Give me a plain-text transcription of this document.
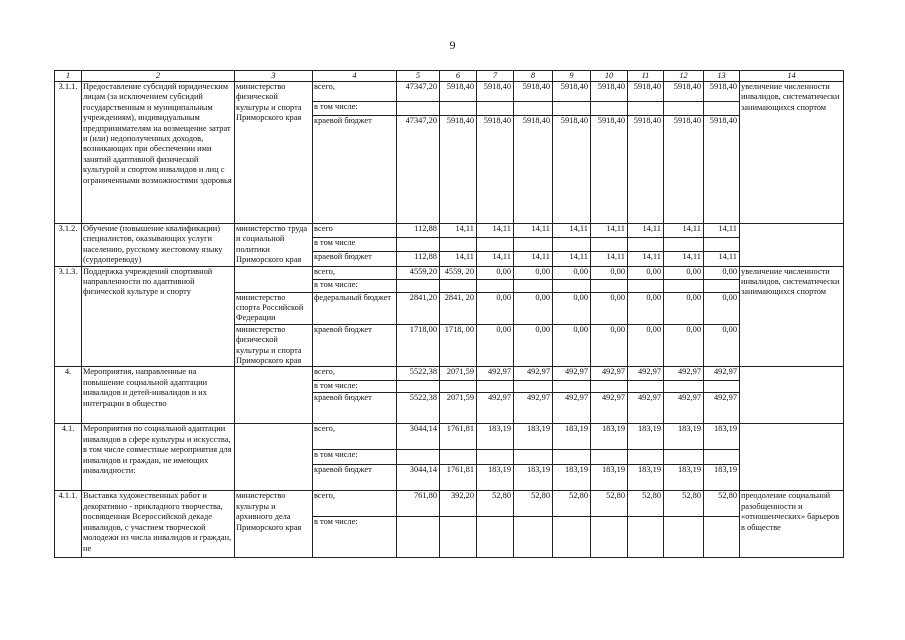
9
1	2	3	4	5	6	7	8	9	10	11	12	13	14
3.1.1.	Предоставление субсидий юридическим лицам (за исключением субсидий государственным и муниципальным учреждениям), индивидуальным предпринимателям на возмещение затрат и (или) недополученных доходов, возникающих при обеспечении ими занятий адаптивной физической культурой и спортом инвалидов и лиц с ограниченными возможностями здоровья	министерство физической культуры и спорта Приморского края	всего,	47347,20	5918,40	5918,40	5918,40	5918,40	5918,40	5918,40	5918,40	5918,40	увеличение численности инвалидов, систематически занимающихся спортом
			в том числе:										
			краевой бюджет	47347,20	5918,40	5918,40	5918,40	5918,40	5918,40	5918,40	5918,40	5918,40	
3.1.2.	Обучение (повышение квалификации) специалистов, оказывающих услуги населению, русскому жестовому языку (сурдопереводу)	министерство труда и социальной политики Приморского края	всего	112,88	14,11	14,11	14,11	14,11	14,11	14,11	14,11	14,11	
			в том числе										
			краевой бюджет	112,88	14,11	14,11	14,11	14,11	14,11	14,11	14,11	14,11	
3.1.3.	Поддержка учреждений спортивной направленности по адаптивной физической культуре и спорту		всего,	4559,20	4559, 20	0,00	0,00	0,00	0,00	0,00	0,00	0,00	увеличение численности инвалидов, систематически занимающихся спортом
			в том числе:										
		министерство спорта Российской Федерации	федеральный бюджет	2841,20	2841, 20	0,00	0,00	0,00	0,00	0,00	0,00	0,00	
		министерство физической культуры и спорта Приморского края	краевой бюджет	1718,00	1718, 00	0,00	0,00	0,00	0,00	0,00	0,00	0,00	
4.	Мероприятия, направленные на повышение социальной адаптации инвалидов и детей-инвалидов и их интеграции в общество		всего,	5522,38	2071,59	492,97	492,97	492,97	492,97	492,97	492,97	492,97	
			в том числе:										
			краевой бюджет	5522,38	2071,59	492,97	492,97	492,97	492,97	492,97	492,97	492,97	
4.1.	Мероприятия по социальной адаптации инвалидов в сфере культуры и искусства, в том числе совместные мероприятия для инвалидов и граждан, не имеющих инвалидности:		всего,	3044,14	1761,81	183,19	183,19	183,19	183,19	183,19	183,19	183,19	
			в том числе:										
			краевой бюджет	3044,14	1761,81	183,19	183,19	183,19	183,19	183,19	183,19	183,19	
4.1.1.	Выставка художественных работ и декоративно - прикладного творчества, посвященная Всероссийской декаде инвалидов, с участием творческой молодежи из числа инвалидов и граждан, не	министерство культуры и архивного дела Приморского края	всего,	761,80	392,20	52,80	52,80	52,80	52,80	52,80	52,80	52,80	преодоление социальной разобщенности и «отношенческих» барьеров в обществе
			в том числе:										
